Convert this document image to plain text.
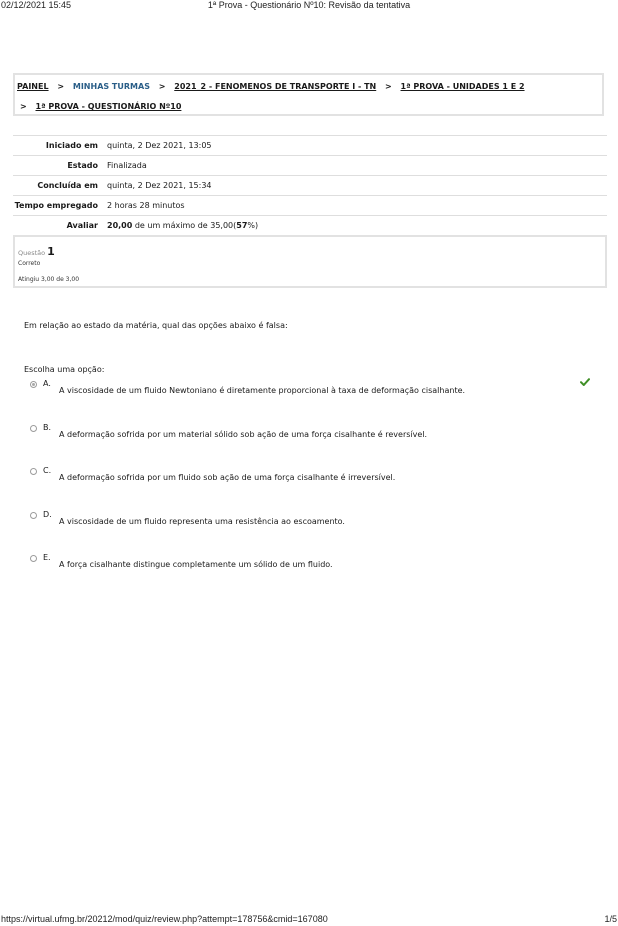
02/12/2021 15:45	1ª Prova - Questionário Nº10: Revisão da tentativa
PAINEL > MINHAS TURMAS > 2021_2 - FENOMENOS DE TRANSPORTE I - TN > 1ª PROVA - UNIDADES 1 E 2
> 1ª PROVA - QUESTIONÁRIO Nº10
Iniciado em	quinta, 2 Dez 2021, 13:05
Estado	Finalizada
Concluída em	quinta, 2 Dez 2021, 15:34
Tempo empregado	2 horas 28 minutos
Avaliar	20,00 de um máximo de 35,00(57%)
Questão 1
Correto
Atingiu 3,00 de 3,00
Em relação ao estado da matéria, qual das opções abaixo é falsa:
Escolha uma opção:
A.
A viscosidade de um fluido Newtoniano é diretamente proporcional à taxa de deformação cisalhante.
B.
A deformação sofrida por um material sólido sob ação de uma força cisalhante é reversível.
C.
A deformação sofrida por um fluido sob ação de uma força cisalhante é irreversível.
D.
A viscosidade de um fluido representa uma resistência ao escoamento.
E.
A força cisalhante distingue completamente um sólido de um fluido.
https://virtual.ufmg.br/20212/mod/quiz/review.php?attempt=178756&cmid=167080	1/5
